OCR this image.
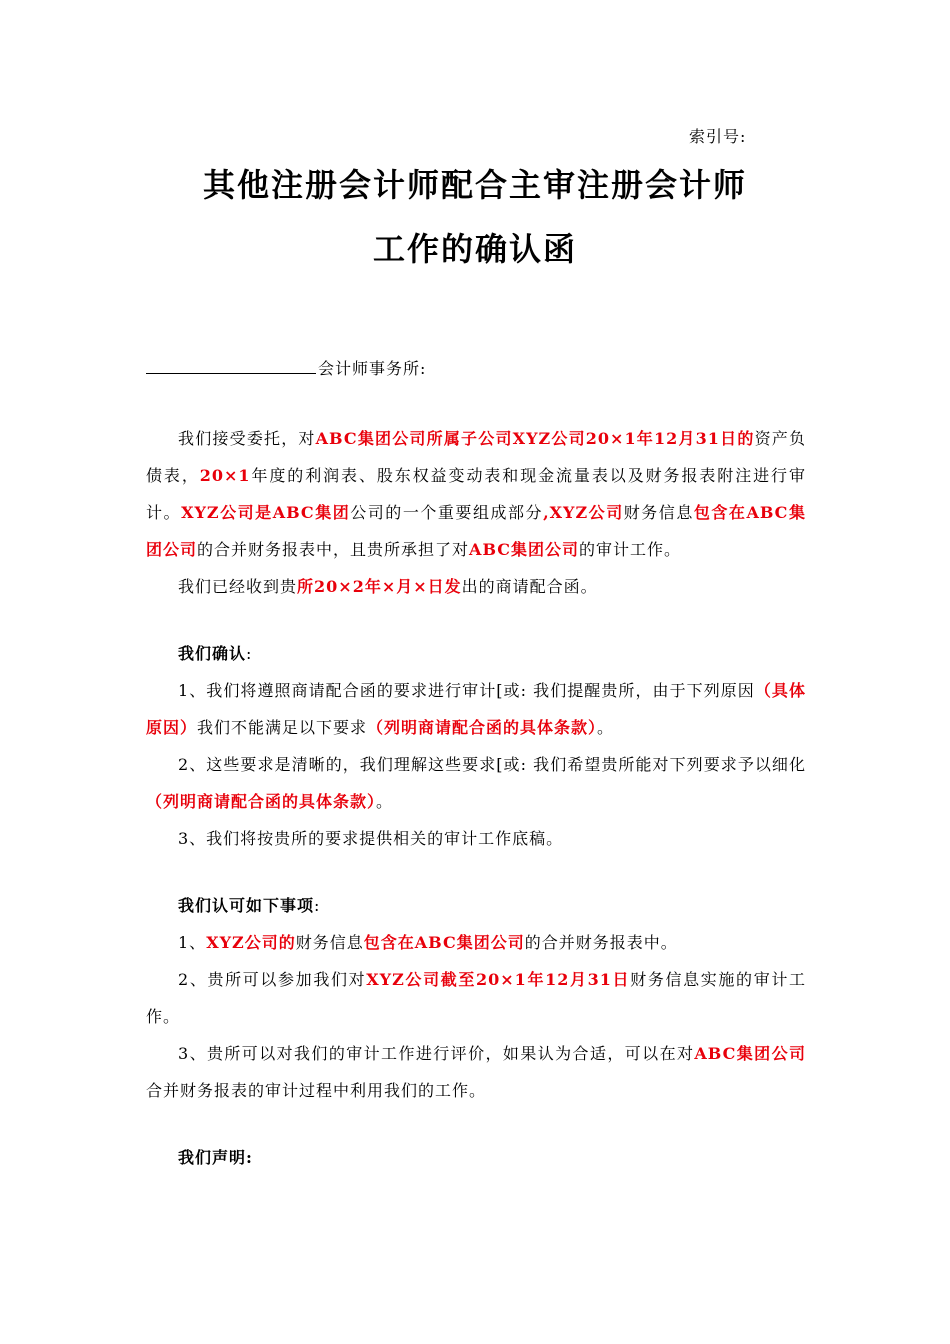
索引号:
其他注册会计师配合主审注册会计师
工作的确认函
会计师事务所:

我们接受委托，对ABC集团公司所属子公司XYZ公司20×1年12月31日的资产负债表，20×1年度的利润表、股东权益变动表和现金流量表以及财务报表附注进行审计。XYZ公司是ABC集团公司的一个重要组成部分,XYZ公司财务信息包含在ABC集团公司的合并财务报表中，且贵所承担了对ABC集团公司的审计工作。

我们已经收到贵所20×2年×月×日发出的商请配合函。

我们确认:

1、我们将遵照商请配合函的要求进行审计[或: 我们提醒贵所，由于下列原因（具体原因）我们不能满足以下要求（列明商请配合函的具体条款）。

2、这些要求是清晰的，我们理解这些要求[或: 我们希望贵所能对下列要求予以细化（列明商请配合函的具体条款）。

3、我们将按贵所的要求提供相关的审计工作底稿。

我们认可如下事项:

1、XYZ公司的财务信息包含在ABC集团公司的合并财务报表中。

2、贵所可以参加我们对XYZ公司截至20×1年12月31日财务信息实施的审计工作。

3、贵所可以对我们的审计工作进行评价，如果认为合适，可以在对ABC集团公司合并财务报表的审计过程中利用我们的工作。

我们声明:
